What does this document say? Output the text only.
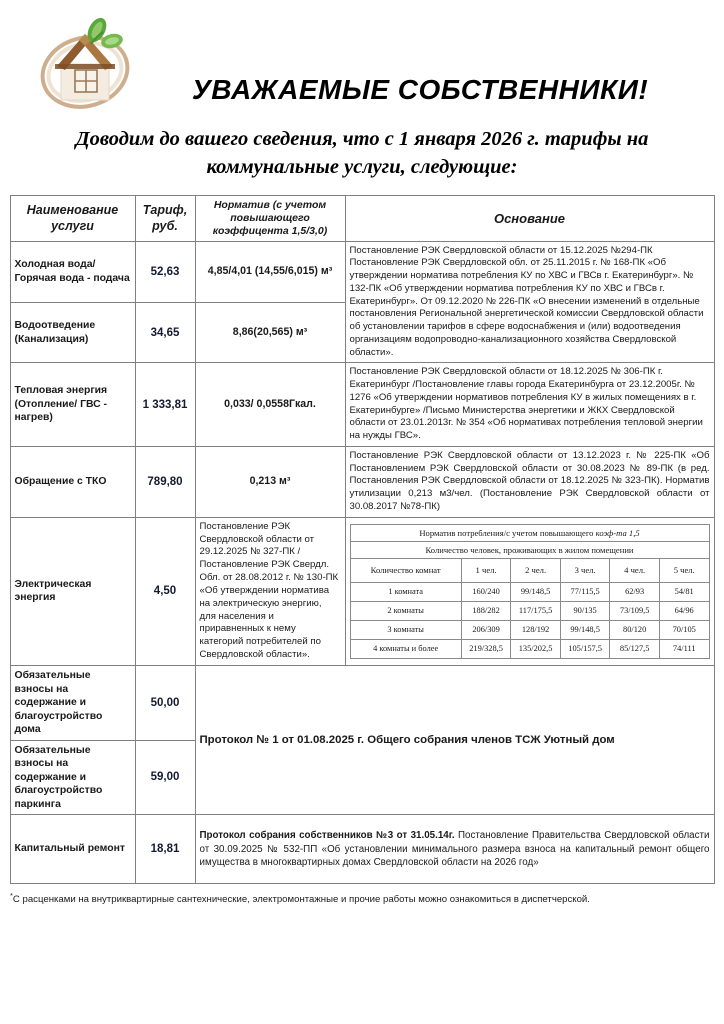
УВАЖАЕМЫЕ СОБСТВЕННИКИ!
Доводим до вашего сведения, что с 1 января 2026 г. тарифы на коммунальные услуги, следующие:
Наименование услуги	Тариф, руб.	Норматив (с учетом повышающего коэффицента 1,5/3,0)	Основание
Холодная вода/ Горячая вода - подача	52,63	4,85/4,01 (14,55/6,015) м³	Постановление РЭК Свердловской области от 15.12.2025 №294-ПК Постановление РЭК Свердловской обл. от 25.11.2015 г. № 168-ПК «Об утверждении норматива потребления КУ по ХВС и ГВСв г. Екатеринбург». № 132-ПК «Об утверждении норматива потребления КУ по ХВС и ГВСв г. Екатеринбург». От 09.12.2020 № 226-ПК «О внесении изменений в отдельные постановления Региональной энергетической комиссии Свердловской области об установлении тарифов в сфере водоснабжения и (или) водоотведения организациям водопроводно-канализационного хозяйства Свердловской области».
Водоотведение (Канализация)	34,65	8,86(20,565) м³
Тепловая энергия (Отопление/ ГВС - нагрев)	1 333,81	0,033/ 0,0558Гкал.	Постановление РЭК Свердловской области от 18.12.2025 № 306-ПК г. Екатеринбург /Постановление главы города Екатеринбурга от 23.12.2005г. № 1276 «Об утверждении нормативов потребления КУ в жилых помещениях в г. Екатеринбурге» /Письмо Министерства энергетики и ЖКХ Свердловской области от 23.01.2013г. № 354 «Об нормативах потребления тепловой энергии на нужды ГВС».
Обращение с ТКО	789,80	0,213 м³	Постановление РЭК Свердловской области от 13.12.2023 г. № 225-ПК «Об Постановлением РЭК Свердловской области от 30.08.2023 № 89-ПК (в ред. Постановления РЭК Свердловской области от 18.12.2025 № 323-ПК). Норматив утилизации 0,213 м3/чел. (Постановление РЭК Свердловской области от 30.08.2017 №78-ПК)
Электрическая энергия	4,50	Постановление РЭК Свердловской области от 29.12.2025 № 327-ПК / Постановление РЭК Свердл. Обл. от 28.08.2012 г. № 130-ПК «Об утверждении норматива на электрическую энергию, для населения и приравненных к нему категорий потребителей по Свердловской области».	
Норматив потребления/с учетом повышающего коэф-та 1,5
Количество человек, проживающих в жилом помещении
Количество комнат	1 чел.	2 чел.	3 чел.	4 чел.	5 чел.
1 комната	160/240	99/148,5	77/115,5	62/93	54/81
2 комнаты	188/282	117/175,5	90/135	73/109,5	64/96
3 комнаты	206/309	128/192	99/148,5	80/120	70/105
4 комнаты и более	219/328,5	135/202,5	105/157,5	85/127,5	74/111

Обязательные взносы на содержание и благоустройство дома	50,00	Протокол № 1 от 01.08.2025 г. Общего собрания членов ТСЖ Уютный дом
Обязательные взносы на содержание и благоустройство паркинга	59,00
Капитальный ремонт	18,81	Протокол собрания собственников №3 от 31.05.14г. Постановление Правительства Свердловской области от 30.09.2025 № 532-ПП «Об установлении минимального размера взноса на капитальный ремонт общего имущества в многоквартирных домах Свердловской области на 2026 год»
*С расценками на внутриквартирные сантехнические, электромонтажные и прочие работы можно ознакомиться в диспетчерской.
